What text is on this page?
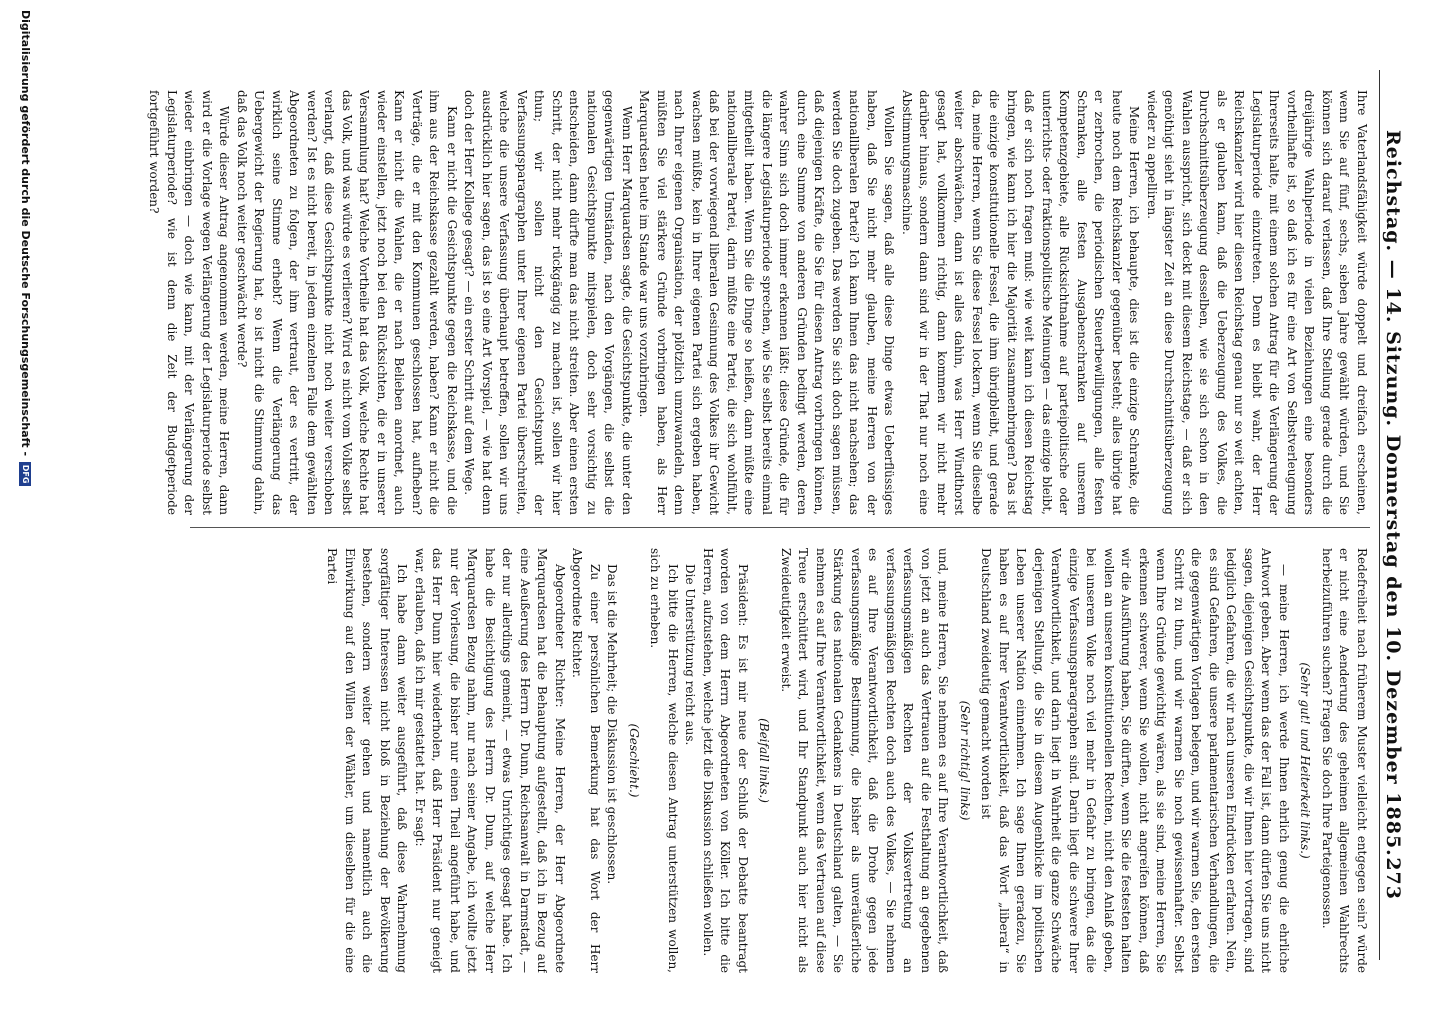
Reichstag. — 14. Sitzung. Donnerstag den 10. Dezember 1885.
273

Ihre Vaterlandsfähigkeit würde doppelt und dreifach erscheinen, wenn Sie auf fünf, sechs, sieben Jahre gewählt würden, und Sie können sich darauf verlassen, daß Ihre Stellung gerade durch die dreijährige Wahlperiode in vielen Beziehungen eine besonders vortheilhafte ist, so daß ich es für eine Art von Selbstverleugnung Ihrerseits halte, mit einem solchen Antrag für die Verlängerung der Legislaturperiode einzutreten. Denn es bleibt wahr, der Herr Reichskanzler wird hier diesen Reichstag genau nur so weit achten, als er glauben kann, daß die Ueberzeugung des Volkes, die Durchschnittsüberzeugung desselben, wie sie sich schon in den Wahlen ausspricht, sich deckt mit diesem Reichstage, — daß er sich genöthigt sieht in längster Zeit an diese Durchschnittsüberzeugung wieder zu appelliren.

Meine Herren, ich behaupte, dies ist die einzige Schranke, die heute noch dem Reichskanzler gegenüber besteht; alles übrige hat er zerbrochen, die periodischen Steuerbewilligungen, alle festen Schranken, alle festen Ausgabenschranken auf unserem Kompetenzgebiete, alle Rücksichtnahme auf parteipolitische oder unterrichts- oder fraktionspolitische Meinungen — das einzige bleibt, daß er sich noch fragen muß: wie weit kann ich diesen Reichstag bringen, wie kann ich hier die Majorität zusammenbringen? Das ist die einzige konstitutionelle Fessel, die ihm übrigbleibt, und gerade da, meine Herren, wenn Sie diese Fessel lockern, wenn Sie dieselbe weiter abschwächen, dann ist alles dahin, was Herr Windthorst gesagt hat, vollkommen richtig, dann kommen wir nicht mehr darüber hinaus, sondern dann sind wir in der That nur noch eine Abstimmungsmaschine.

Wollen Sie sagen, daß alle diese Dinge etwas Ueberflüssiges haben, daß Sie nicht mehr glauben, meine Herren von der nationalliberalen Partei? Ich kann Ihnen das nicht nachsehen; das werden Sie doch zugeben. Das werden Sie sich doch sagen müssen, daß diejenigen Kräfte, die Sie für diesen Antrag vorbringen können, durch eine Summe von anderen Gründen bedingt werden, deren wahrer Sinn sich doch immer erkennen läßt: diese Gründe, die für die längere Legislaturperiode sprechen, wie Sie selbst bereits einmal mitgetheilt haben. Wenn Sie die Dinge so heißen, dann müßte eine nationalliberale Partei, darin müßte eine Partei, die sich wohlfühlt, daß bei der vorwiegend liberalen Gesinnung des Volkes ihr Gewicht wachsen müßte, kein in Ihrer eigenen Partei sich ergeben haben, nach Ihrer eigenen Organisation, der plötzlich umzuwandeln, denn müßten Sie viel stärkere Gründe vorbringen haben, als Herr Marquardsen heute im Stande war uns vorzubringen.

Wenn Herr Marquardsen sagte, die Gesichtspunkte, die unter den gegenwärtigen Umständen, nach den Vorgängen, die selbst die nationalen Gesichtspunkte mitspielen, doch sehr vorsichtig zu entscheiden, dann dürfte man das nicht streiten. Aber einen ersten Schritt, der nicht mehr rückgängig zu machen ist, sollen wir hier thun; wir sollen nicht den Gesichtspunkt der Verfassungsparagraphen unter Ihrer eigenen Partei überschreiten, welche die unsere Verfassung überhaupt betreffen, sollen wir uns ausdrücklich hier sagen, das ist so eine Art Vorspiel, — wie hat denn doch der Herr Kollege gesagt? — ein erster Schritt auf dem Wege.

Kann er nicht die Gesichtspunkte gegen die Reichskasse, und die ihm aus der Reichskasse gezahlt werden, haben? Kann er nicht die Verträge, die er mit den Kommunen geschlossen hat, aufheben? Kann er nicht die Wahlen, die er nach Belieben anordnet, auch wieder einstellen, jetzt noch bei den Rücksichten, die er in unserer Versammlung hat? Welche Vortheile hat das Volk, welche Rechte hat das Volk, und was würde es verlieren? Wird es nicht vom Volke selbst verlangt, daß diese Gesichtspunkte nicht noch weiter verschoben werden? Ist es nicht bereit, in jedem einzelnen Falle dem gewählten Abgeordneten zu folgen, der ihm vertraut, der es vertritt, der wirklich seine Stimme erhebt? Wenn die Verlängerung das Uebergewicht der Regierung hat, so ist nicht die Stimmung dahin, daß das Volk noch weiter geschwächt werde?

Würde dieser Antrag angenommen werden, meine Herren, dann wird er die Vorlage wegen Verlängerung der Legislaturperiode selbst wieder einbringen — doch wie kann, mit der Verlängerung der Legislaturperiode? wie ist denn die Zeit der Budgetperiode fortgeführt worden?

Redefreiheit nach früherem Muster vielleicht entgegen sein? würde er nicht eine Aenderung des geheimen allgemeinen Wahlrechts herbeizuführen suchen? Fragen Sie doch Ihre Parteigenossen.

(Sehr gut! und Heiterkeit links.)

— meine Herren, ich werde Ihnen ehrlich genug die ehrliche Antwort geben. Aber wenn das der Fall ist, dann dürfen Sie uns nicht sagen, diejenigen Gesichtspunkte, die wir Ihnen hier vortragen, sind lediglich Gefahren, die wir nach unseren Eindrücken erfahren. Nein, es sind Gefahren, die unsere parlamentarischen Verhandlungen, die die gegenwärtigen Vorlagen belegen, und wir warnen Sie, den ersten Schritt zu thun, und wir warnen Sie noch gewissenhafter. Selbst wenn Ihre Gründe gewichtig wären, als sie sind, meine Herren, Sie erkennen schwerer, wenn Sie wollen, nicht angreifen können, daß wir die Ausführung haben, Sie dürften, wenn Sie die festesten halten wollen an unseren konstitutionellen Rechten, nicht den Anlaß geben, bei unserem Volke noch viel mehr in Gefahr zu bringen, das die einzige Verfassungsparagraphen sind. Darin liegt die schwere Ihrer Verantwortlichkeit, und darin liegt in Wahrheit die ganze Schwäche derjenigen Stellung, die Sie in diesem Augenblicke im politischen Leben unserer Nation einnehmen. Ich sage Ihnen geradezu, Sie haben es auf Ihrer Verantwortlichkeit, daß das Wort „liberal“ in Deutschland zweideutig gemacht worden ist

(Sehr richtig! links)

und, meine Herren, Sie nehmen es auf Ihre Verantwortlichkeit, daß von jetzt an auch das Vertrauen auf die Festhaltung an gegebenen verfassungsmäßigen Rechten der Volksvertretung an verfassungsmäßigen Rechten doch auch des Volkes, — Sie nehmen es auf Ihre Verantwortlichkeit, daß die Drohe gegen jede verfassungsmäßige Bestimmung, die bisher als unveräußerliche Stärkung des nationalen Gedankens in Deutschland galten, — Sie nehmen es auf Ihre Verantwortlichkeit, wenn das Vertrauen auf diese Treue erschüttert wird, und Ihr Standpunkt auch hier nicht als Zweideutigkeit erweist.

(Beifall links.)

Präsident: Es ist mir neue der Schluß der Debatte beantragt worden von dem Herrn Abgeordneten von Köller. Ich bitte die Herren, aufzustehen, welche jetzt die Diskussion schließen wollen.

Die Unterstützung reicht aus.

Ich bitte die Herren, welche diesen Antrag unterstützen wollen, sich zu erheben.

(Geschieht.)

Das ist die Mehrheit; die Diskussion ist geschlossen.

Zu einer persönlichen Bemerkung hat das Wort der Herr Abgeordnete Richter.

Abgeordneter Richter: Meine Herren, der Herr Abgeordnete Marquardsen hat die Behauptung aufgestellt, daß ich in Bezug auf eine Aeußerung des Herrn Dr. Dunn, Reichsanwalt in Darmstadt, — der nur allerdings gemeint, — etwas Unrichtiges gesagt habe. Ich habe die Besichtigung des Herrn Dr. Dunn, auf welche Herr Marquardsen Bezug nahm, nur nach seiner Angabe, ich wollte jetzt nur der Vorlesung, die bisher nur einen Theil angeführt habe, und das Herr Dunn hier wiederholen, daß Herr Präsident nur geneigt war, erlauben, daß ich mir gestattet hat. Er sagt:

Ich habe dann weiter ausgeführt, daß diese Wahrnehmung sorgfältiger Interessen nicht bloß in Beziehung der Bevölkerung bestehen, sondern weiter gehen und namentlich auch die Einwirkung auf den Willen der Wähler, um dieselben für die eine Partei

Digitalisierung gefördert durch die Deutsche Forschungsgemeinschaft -
DFG
